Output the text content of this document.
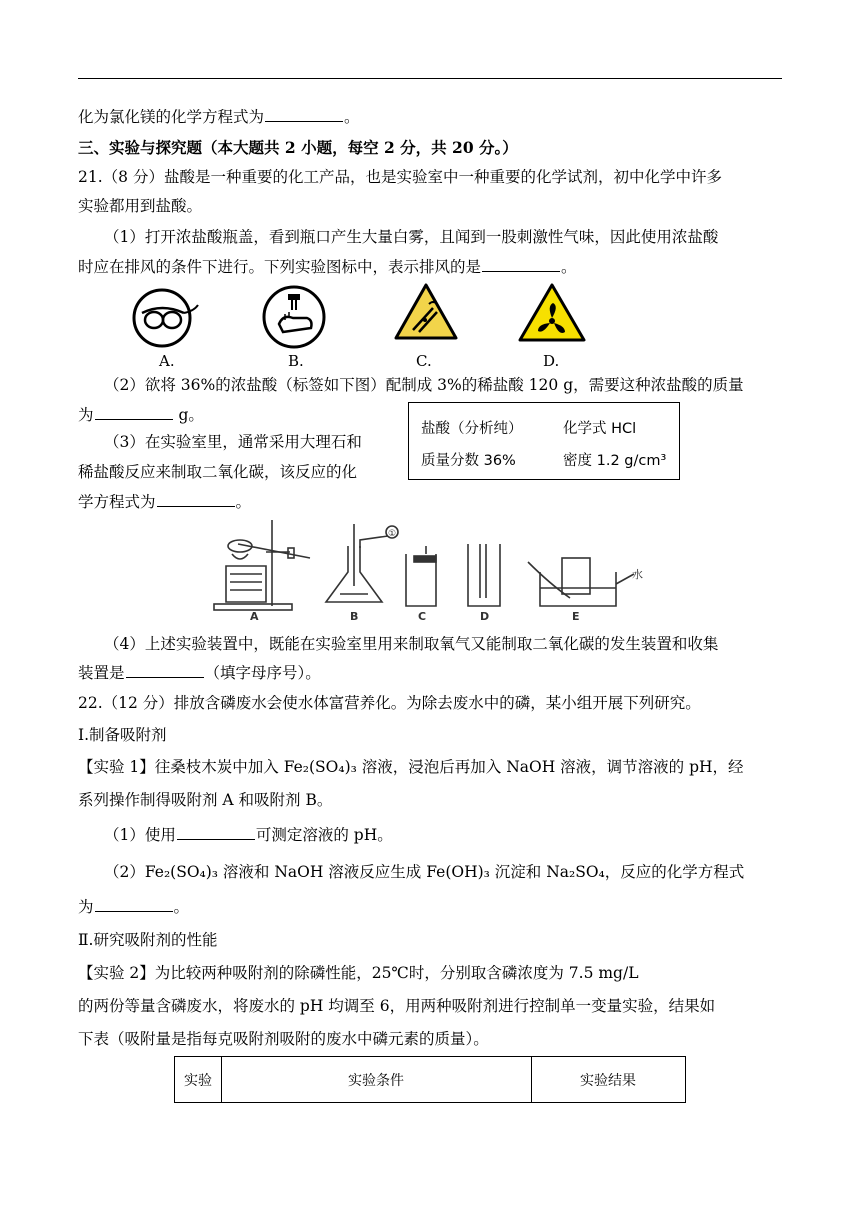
化为氯化镁的化学方程式为	。
三、实验与探究题（本大题共 2 小题，每空 2 分，共 20 分。）
21.（8 分）盐酸是一种重要的化工产品，也是实验室中一种重要的化学试剂，初中化学中许多
实验都用到盐酸。
（1）打开浓盐酸瓶盖，看到瓶口产生大量白雾，且闻到一股刺激性气味，因此使用浓盐酸
时应在排风的条件下进行。下列实验图标中，表示排风的是	。
A.	B.	C.	D.
（2）欲将 36%的浓盐酸（标签如下图）配制成 3%的稀盐酸 120 g，需要这种浓盐酸的质量
为	g。
盐酸（分析纯）	化学式 HCl
质量分数 36%	密度 1.2 g/cm³
（3）在实验室里，通常采用大理石和
稀盐酸反应来制取二氧化碳，该反应的化
学方程式为	。
A	B	C	D	E
①
水
（4）上述实验装置中，既能在实验室里用来制取氧气又能制取二氧化碳的发生装置和收集
装置是	（填字母序号）。
22.（12 分）排放含磷废水会使水体富营养化。为除去废水中的磷，某小组开展下列研究。
Ⅰ.制备吸附剂
【实验 1】往桑枝木炭中加入 Fe₂(SO₄)₃ 溶液，浸泡后再加入 NaOH 溶液，调节溶液的 pH，经
系列操作制得吸附剂 A 和吸附剂 B。
（1）使用	可测定溶液的 pH。
（2）Fe₂(SO₄)₃ 溶液和 NaOH 溶液反应生成 Fe(OH)₃ 沉淀和 Na₂SO₄，反应的化学方程式
为	。
Ⅱ.研究吸附剂的性能
【实验 2】为比较两种吸附剂的除磷性能，25℃时，分别取含磷浓度为 7.5 mg/L
的两份等量含磷废水，将废水的 pH 均调至 6，用两种吸附剂进行控制单一变量实验，结果如
下表（吸附量是指每克吸附剂吸附的废水中磷元素的质量）。
实验	实验条件	实验结果
